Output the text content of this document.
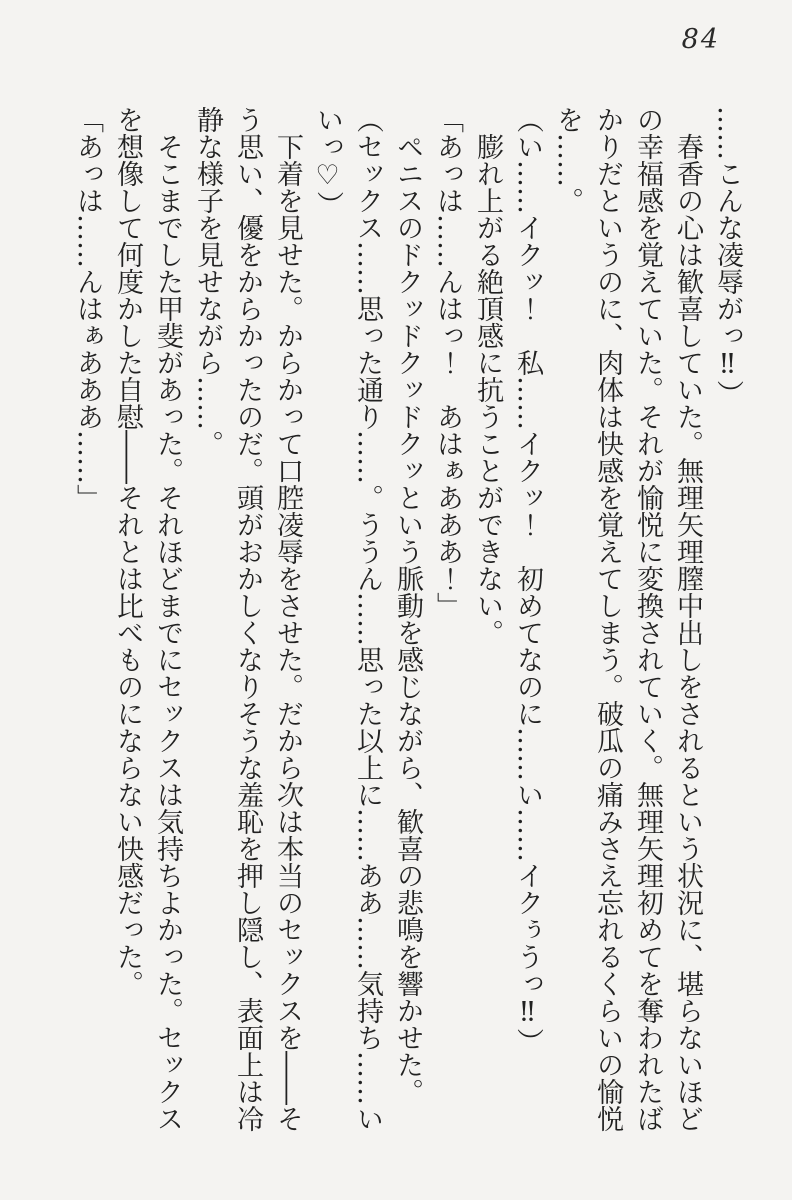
84
……こんな凌辱がっ‼）
　春香の心は歓喜していた。無理矢理膣中出しをされるという状況に、堪らないほど
の幸福感を覚えていた。それが愉悦に変換されていく。無理矢理初めてを奪われたば
かりだというのに、肉体は快感を覚えてしまう。破瓜の痛みさえ忘れるくらいの愉悦
を……。
（い……イクッ！　私……イクッ！　初めてなのに……い……イクぅうっ‼）
　膨れ上がる絶頂感に抗うことができない。
「あっは……んはっ！　あはぁあああ！」
　ペニスのドクッドクッドクッという脈動を感じながら、歓喜の悲鳴を響かせた。
（セックス……思った通り……。ううん……思った以上に……ああ……気持ち……い
いっ♡）
　下着を見せた。からかって口腔凌辱をさせた。だから次は本当のセックスを――そ
う思い、優をからかったのだ。頭がおかしくなりそうな羞恥を押し隠し、表面上は冷
静な様子を見せながら……。
　そこまでした甲斐があった。それほどまでにセックスは気持ちよかった。セックス
を想像して何度かした自慰――それとは比べものにならない快感だった。
「あっは……んはぁあああ……」
